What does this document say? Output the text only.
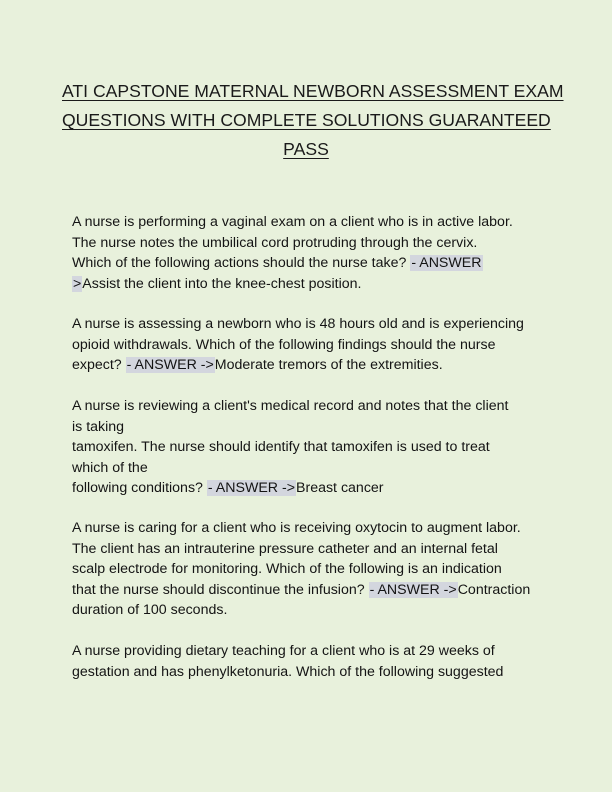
ATI CAPSTONE MATERNAL NEWBORN ASSESSMENT EXAM
QUESTIONS WITH COMPLETE SOLUTIONS GUARANTEED
PASS
A nurse is performing a vaginal exam on a client who is in active labor.
The nurse notes the umbilical cord protruding through the cervix.
Which of the following actions should the nurse take? - ANSWER
>Assist the client into the knee-chest position.
A nurse is assessing a newborn who is 48 hours old and is experiencing
opioid withdrawals. Which of the following findings should the nurse
expect? - ANSWER ->Moderate tremors of the extremities.
A nurse is reviewing a client's medical record and notes that the client
is taking
tamoxifen. The nurse should identify that tamoxifen is used to treat
which of the
following conditions? - ANSWER ->Breast cancer
A nurse is caring for a client who is receiving oxytocin to augment labor.
The client has an intrauterine pressure catheter and an internal fetal
scalp electrode for monitoring. Which of the following is an indication
that the nurse should discontinue the infusion? - ANSWER ->Contraction
duration of 100 seconds.
A nurse providing dietary teaching for a client who is at 29 weeks of
gestation and has phenylketonuria. Which of the following suggested
